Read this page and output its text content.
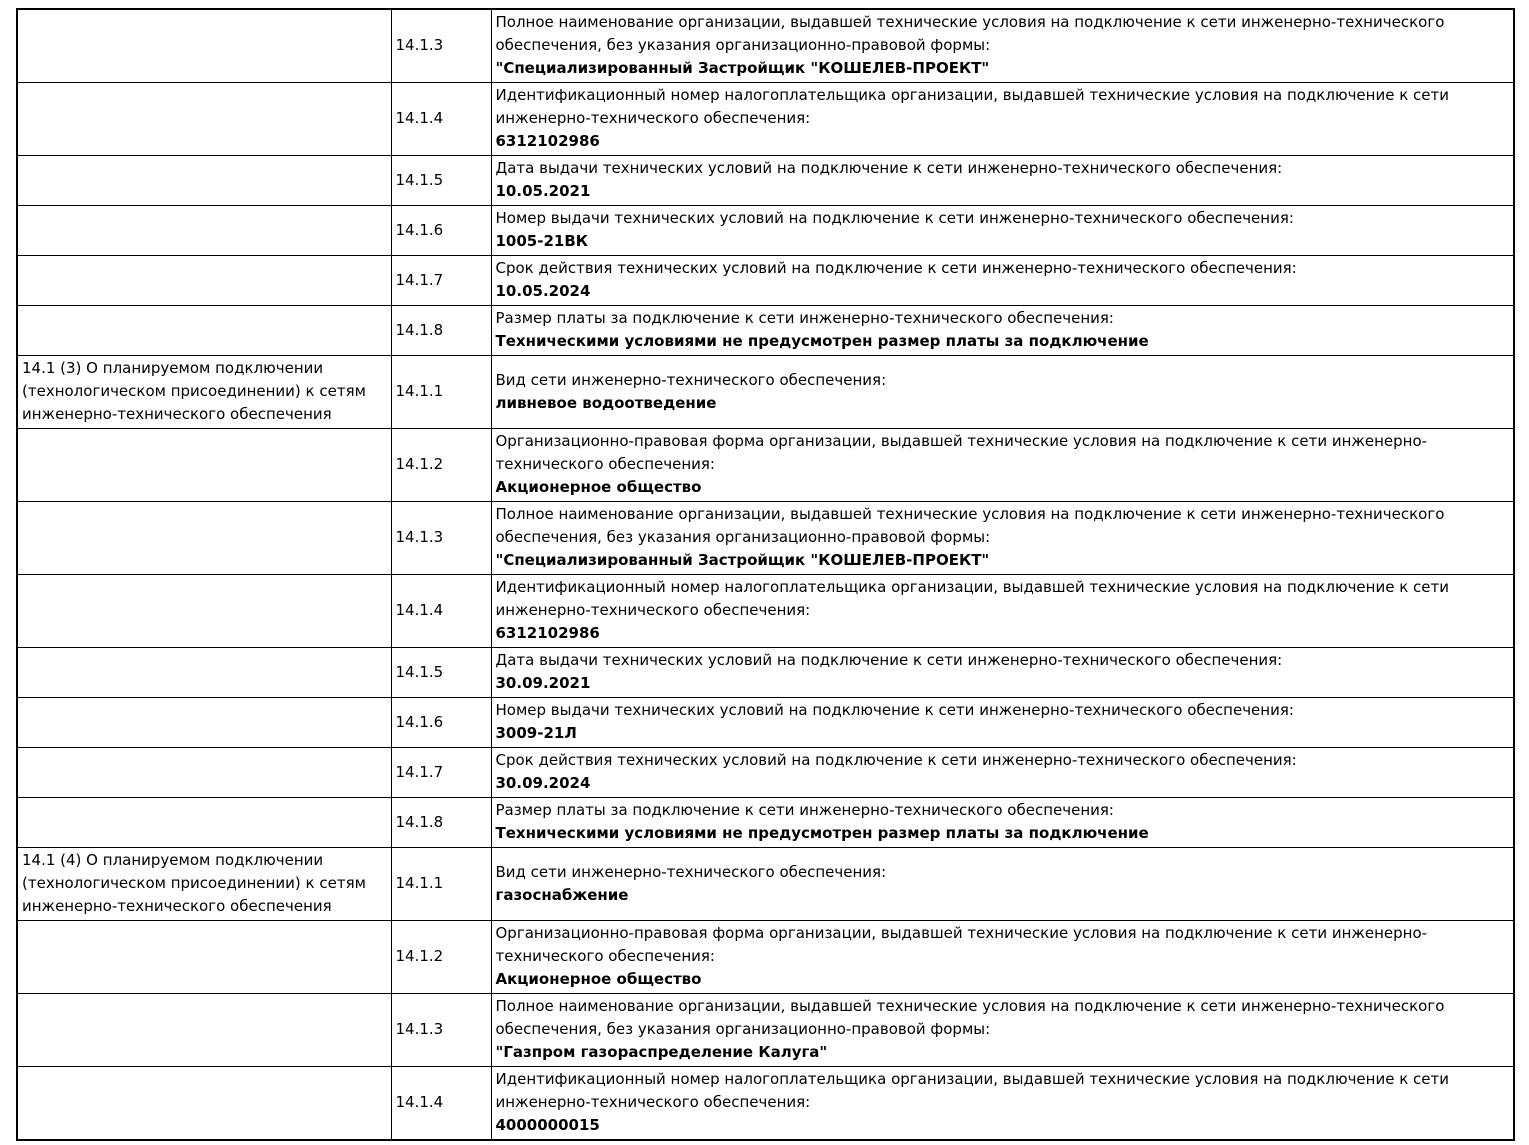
	14.1.3	Полное наименование организации, выдавшей технические условия на подключение к сети инженерно-технического обеспечения, без указания организационно-правовой формы:
"Специализированный Застройщик "КОШЕЛЕВ-ПРОЕКТ"

	14.1.4	Идентификационный номер налогоплательщика организации, выдавшей технические условия на подключение к сети инженерно-технического обеспечения:
6312102986

	14.1.5	Дата выдачи технических условий на подключение к сети инженерно-технического обеспечения:
10.05.2021

	14.1.6	Номер выдачи технических условий на подключение к сети инженерно-технического обеспечения:
1005-21ВК

	14.1.7	Срок действия технических условий на подключение к сети инженерно-технического обеспечения:
10.05.2024

	14.1.8	Размер платы за подключение к сети инженерно-технического обеспечения:
Техническими условиями не предусмотрен размер платы за подключение

14.1 (3) О планируемом подключении (технологическом присоединении) к сетям инженерно-технического обеспечения	14.1.1	Вид сети инженерно-технического обеспечения:
ливневое водоотведение

	14.1.2	Организационно-правовая форма организации, выдавшей технические условия на подключение к сети инженерно-технического обеспечения:
Акционерное общество

	14.1.3	Полное наименование организации, выдавшей технические условия на подключение к сети инженерно-технического обеспечения, без указания организационно-правовой формы:
"Специализированный Застройщик "КОШЕЛЕВ-ПРОЕКТ"

	14.1.4	Идентификационный номер налогоплательщика организации, выдавшей технические условия на подключение к сети инженерно-технического обеспечения:
6312102986

	14.1.5	Дата выдачи технических условий на подключение к сети инженерно-технического обеспечения:
30.09.2021

	14.1.6	Номер выдачи технических условий на подключение к сети инженерно-технического обеспечения:
3009-21Л

	14.1.7	Срок действия технических условий на подключение к сети инженерно-технического обеспечения:
30.09.2024

	14.1.8	Размер платы за подключение к сети инженерно-технического обеспечения:
Техническими условиями не предусмотрен размер платы за подключение

14.1 (4) О планируемом подключении (технологическом присоединении) к сетям инженерно-технического обеспечения	14.1.1	Вид сети инженерно-технического обеспечения:
газоснабжение

	14.1.2	Организационно-правовая форма организации, выдавшей технические условия на подключение к сети инженерно-технического обеспечения:
Акционерное общество

	14.1.3	Полное наименование организации, выдавшей технические условия на подключение к сети инженерно-технического обеспечения, без указания организационно-правовой формы:
"Газпром газораспределение Калуга"

	14.1.4	Идентификационный номер налогоплательщика организации, выдавшей технические условия на подключение к сети инженерно-технического обеспечения:
4000000015
